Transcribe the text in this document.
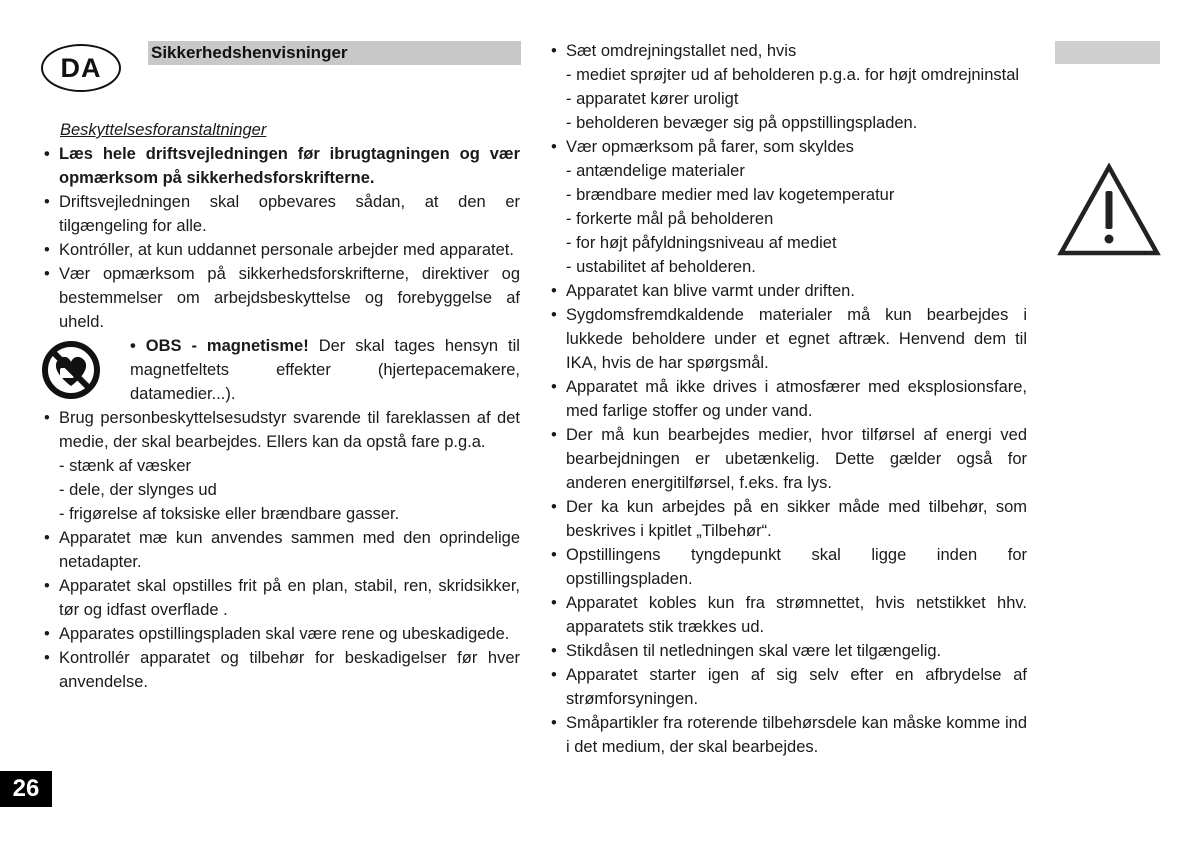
DA	Sikkerhedshenvisninger
26
Beskyttelsesforanstaltninger
• Læs hele driftsvejledningen før ibrugtagningen og vær opmærksom på sikkerhedsforskrifterne.
• Driftsvejledningen skal opbevares sådan, at den er tilgængeling for alle.
• Kontróller, at kun uddannet personale arbejder med apparatet.
• Vær opmærksom på sikkerhedsforskrifterne, direktiver og bestemmelser om arbejdsbeskyttelse og forebyggelse af uheld.
• OBS - magnetisme! Der skal tages hensyn til magnetfeltets effekter (hjertepacemakere, datamedier...).
• Brug personbeskyttelsesudstyr svarende til fareklassen af det medie, der skal bearbejdes. Ellers kan da opstå fare p.g.a.
- stænk af væsker
- dele, der slynges ud
- frigørelse af toksiske eller brændbare gasser.
• Apparatet mæ kun anvendes sammen med den oprindelige netadapter.
• Apparatet skal opstilles frit på en plan, stabil, ren, skridsikker, tør og idfast overflade .
• Apparates opstillingspladen skal være rene og ubeskadigede.
• Kontrollér apparatet og tilbehør for beskadigelser før hver anvendelse.
• Sæt omdrejningstallet ned, hvis
- mediet sprøjter ud af beholderen p.g.a. for højt omdrejninstal
- apparatet kører uroligt
- beholderen bevæger sig på oppstillingspladen.
• Vær opmærksom på farer, som skyldes
- antændelige materialer
- brændbare medier med lav kogetemperatur
- forkerte mål på beholderen
- for højt påfyldningsniveau af mediet
- ustabilitet af beholderen.
• Apparatet kan blive varmt under driften.
• Sygdomsfremdkaldende materialer må kun bearbejdes i lukkede beholdere under et egnet aftræk. Henvend dem til IKA, hvis de har spørgsmål.
• Apparatet må ikke drives i atmosfærer med eksplosionsfare, med farlige stoffer og under vand.
• Der må kun bearbejdes medier, hvor tilførsel af energi ved bearbejdningen er ubetænkelig. Dette gælder også for anderen energitilførsel, f.eks. fra lys.
• Der ka kun arbejdes på en sikker måde med tilbehør, som beskrives i kpitlet „Tilbehør“.
• Opstillingens tyngdepunkt skal ligge inden for opstillingspladen.
• Apparatet kobles kun fra strømnettet, hvis netstikket hhv. apparatets stik trækkes ud.
• Stikdåsen til netledningen skal være let tilgængelig.
• Apparatet starter igen af sig selv efter en afbrydelse af strømforsyningen.
• Småpartikler fra roterende tilbehørsdele kan måske komme ind i det medium, der skal bearbejdes.
